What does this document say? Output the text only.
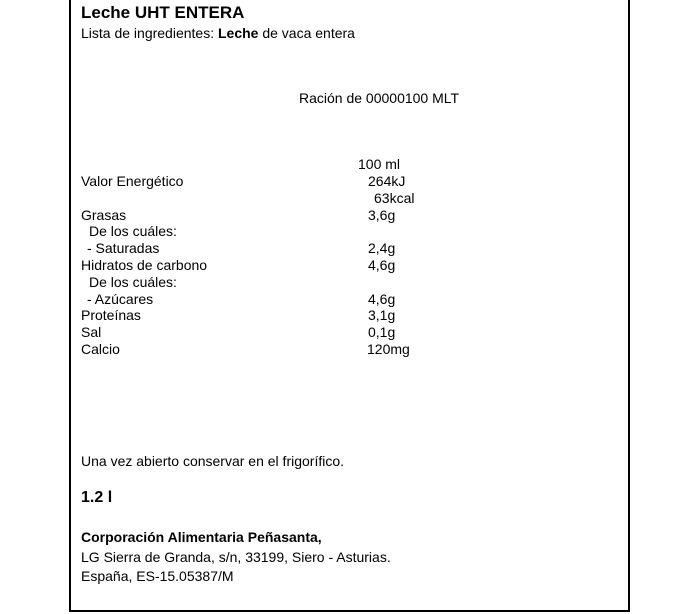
Leche UHT ENTERA
Lista de ingredientes: Leche de vaca entera
Ración de 00000100 MLT
100 ml
Valor Energético	264kJ
63kcal
Grasas	3,6g
De los cuáles:
- Saturadas	2,4g
Hidratos de carbono	4,6g
De los cuáles:
- Azúcares	4,6g
Proteínas	3,1g
Sal	0,1g
Calcio	120mg
Una vez abierto conservar en el frigorífico.
1.2 l
Corporación Alimentaria Peñasanta,
LG Sierra de Granda, s/n, 33199, Siero - Asturias.
España, ES-15.05387/M
